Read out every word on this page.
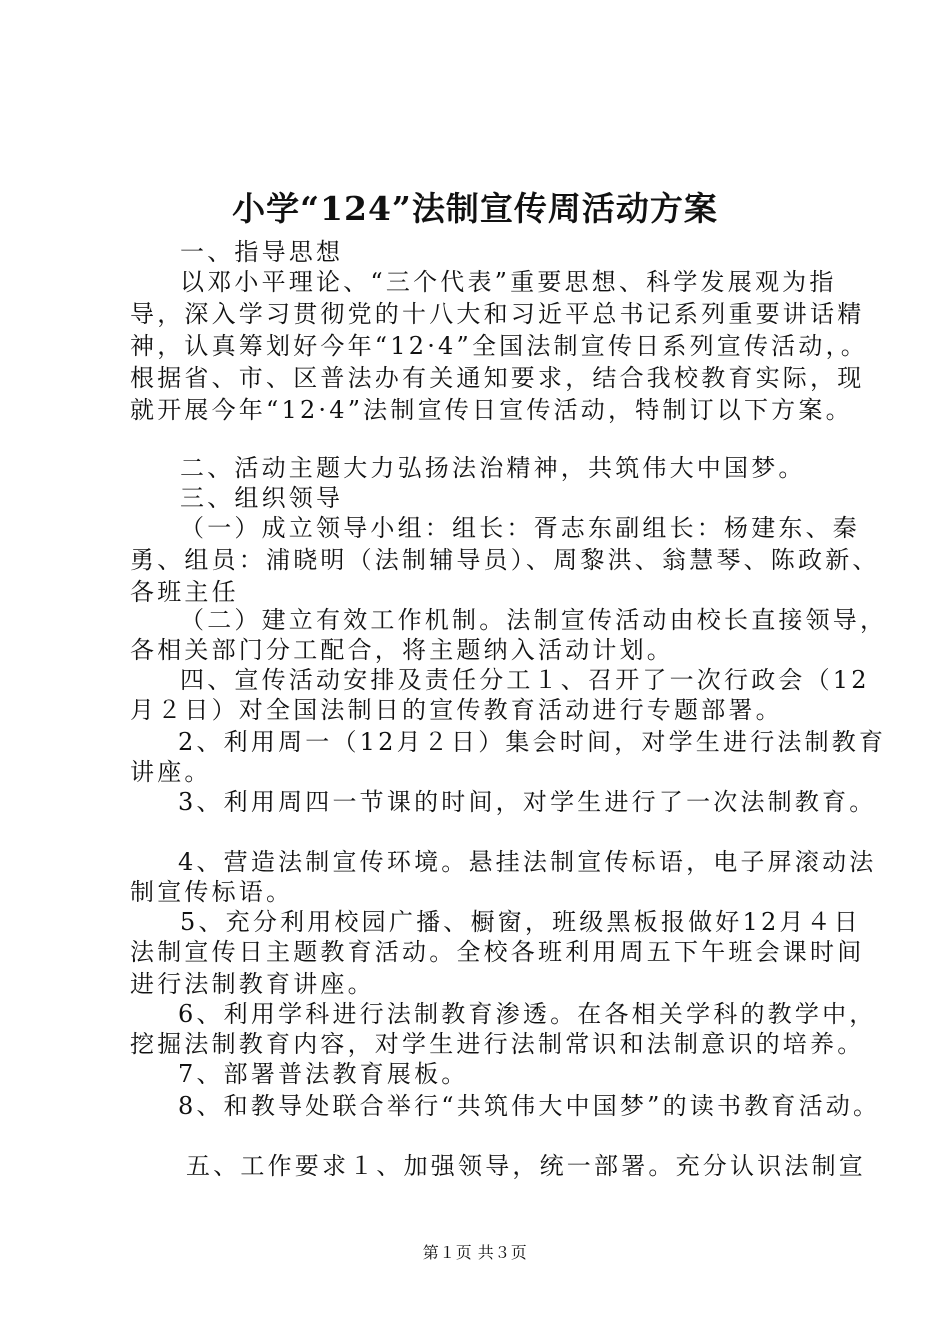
小学“124”法制宣传周活动方案
一、指导思想
以邓小平理论、“三个代表”重要思想、科学发展观为指
导，深入学习贯彻党的十八大和习近平总书记系列重要讲话精
神，认真筹划好今年“12·4”全国法制宣传日系列宣传活动，。
根据省、市、区普法办有关通知要求，结合我校教育实际，现
就开展今年“12·4”法制宣传日宣传活动，特制订以下方案。
二、活动主题大力弘扬法治精神，共筑伟大中国梦。
三、组织领导
（一）成立领导小组：组长：胥志东副组长：杨建东、秦
勇、组员：浦晓明（法制辅导员）、周黎洪、翁慧琴、陈政新、
各班主任
（二）建立有效工作机制。法制宣传活动由校长直接领导，
各相关部门分工配合，将主题纳入活动计划。
四、宣传活动安排及责任分工１、召开了一次行政会（12
月２日）对全国法制日的宣传教育活动进行专题部署。
2、利用周一（12月２日）集会时间，对学生进行法制教育
讲座。
3、利用周四一节课的时间，对学生进行了一次法制教育。
4、营造法制宣传环境。悬挂法制宣传标语，电子屏滚动法
制宣传标语。
5、充分利用校园广播、橱窗，班级黑板报做好12月４日
法制宣传日主题教育活动。全校各班利用周五下午班会课时间
进行法制教育讲座。
6、利用学科进行法制教育渗透。在各相关学科的教学中，
挖掘法制教育内容，对学生进行法制常识和法制意识的培养。
7、部署普法教育展板。
8、和教导处联合举行“共筑伟大中国梦”的读书教育活动。
五、工作要求１、加强领导，统一部署。充分认识法制宣
第１页 共３页
